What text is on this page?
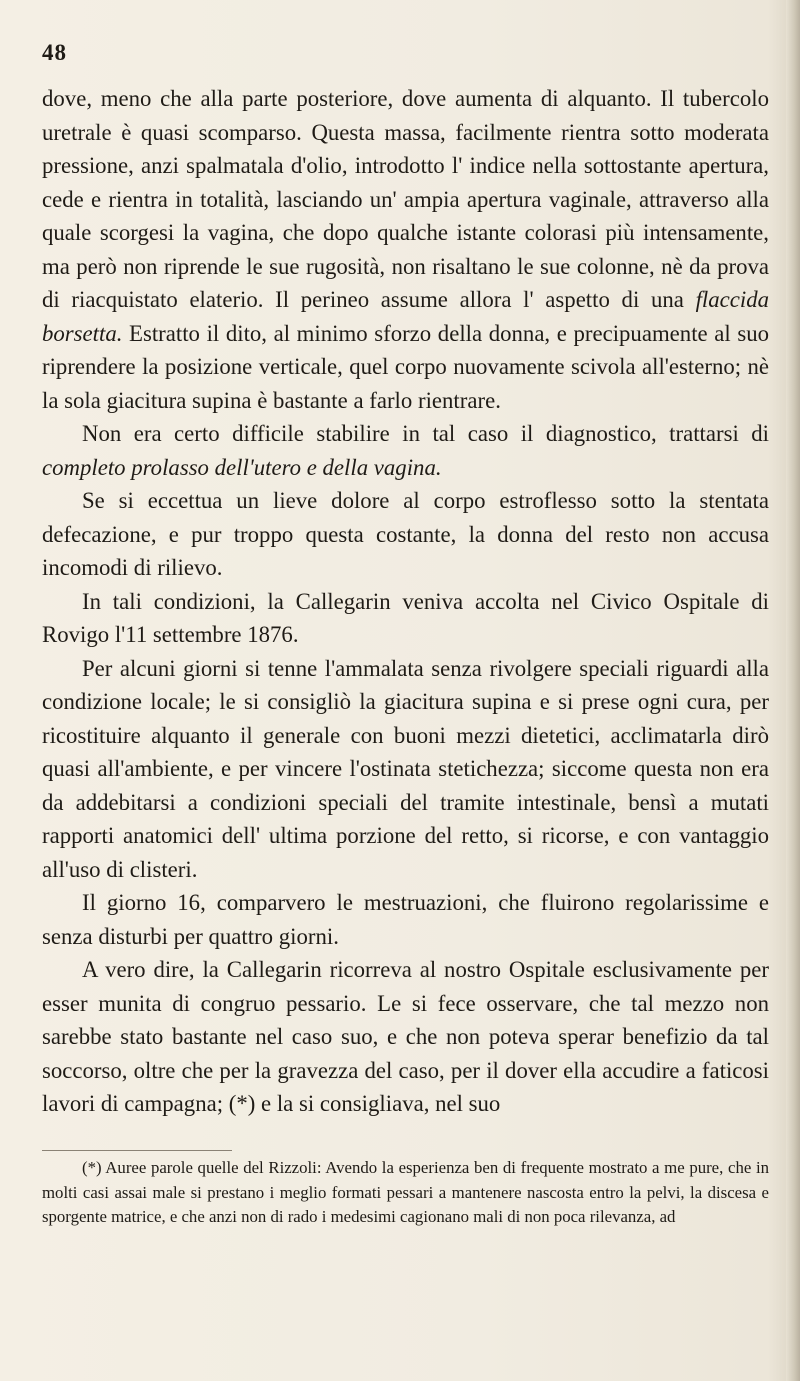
48

dove, meno che alla parte posteriore, dove aumenta di alquanto. Il tubercolo uretrale è quasi scomparso. Questa massa, facilmente rientra sotto moderata pressione, anzi spalmatala d'olio, introdotto l' indice nella sottostante apertura, cede e rientra in totalità, lasciando un' ampia apertura vaginale, attraverso alla quale scorgesi la vagina, che dopo qualche istante colorasi più intensamente, ma però non riprende le sue rugosità, non risaltano le sue colonne, nè da prova di riacquistato elaterio. Il perineo assume allora l' aspetto di una flaccida borsetta. Estratto il dito, al minimo sforzo della donna, e precipuamente al suo riprendere la posizione verticale, quel corpo nuovamente scivola all'esterno; nè la sola giacitura supina è bastante a farlo rientrare.

Non era certo difficile stabilire in tal caso il diagnostico, trattarsi di completo prolasso dell'utero e della vagina.

Se si eccettua un lieve dolore al corpo estroflesso sotto la stentata defecazione, e pur troppo questa costante, la donna del resto non accusa incomodi di rilievo.

In tali condizioni, la Callegarin veniva accolta nel Civico Ospitale di Rovigo l'11 settembre 1876.

Per alcuni giorni si tenne l'ammalata senza rivolgere speciali riguardi alla condizione locale; le si consigliò la giacitura supina e si prese ogni cura, per ricostituire alquanto il generale con buoni mezzi dietetici, acclimatarla dirò quasi all'ambiente, e per vincere l'ostinata stetichezza; siccome questa non era da addebitarsi a condizioni speciali del tramite intestinale, bensì a mutati rapporti anatomici dell' ultima porzione del retto, si ricorse, e con vantaggio all'uso di clisteri.

Il giorno 16, comparvero le mestruazioni, che fluirono regolarissime e senza disturbi per quattro giorni.

A vero dire, la Callegarin ricorreva al nostro Ospitale esclusivamente per esser munita di congruo pessario. Le si fece osservare, che tal mezzo non sarebbe stato bastante nel caso suo, e che non poteva sperar benefizio da tal soccorso, oltre che per la gravezza del caso, per il dover ella accudire a faticosi lavori di campagna; (*) e la si consigliava, nel suo

(*) Auree parole quelle del Rizzoli: Avendo la esperienza ben di frequente mostrato a me pure, che in molti casi assai male si prestano i meglio formati pessari a mantenere nascosta entro la pelvi, la discesa e sporgente matrice, e che anzi non di rado i medesimi cagionano mali di non poca rilevanza, ad
